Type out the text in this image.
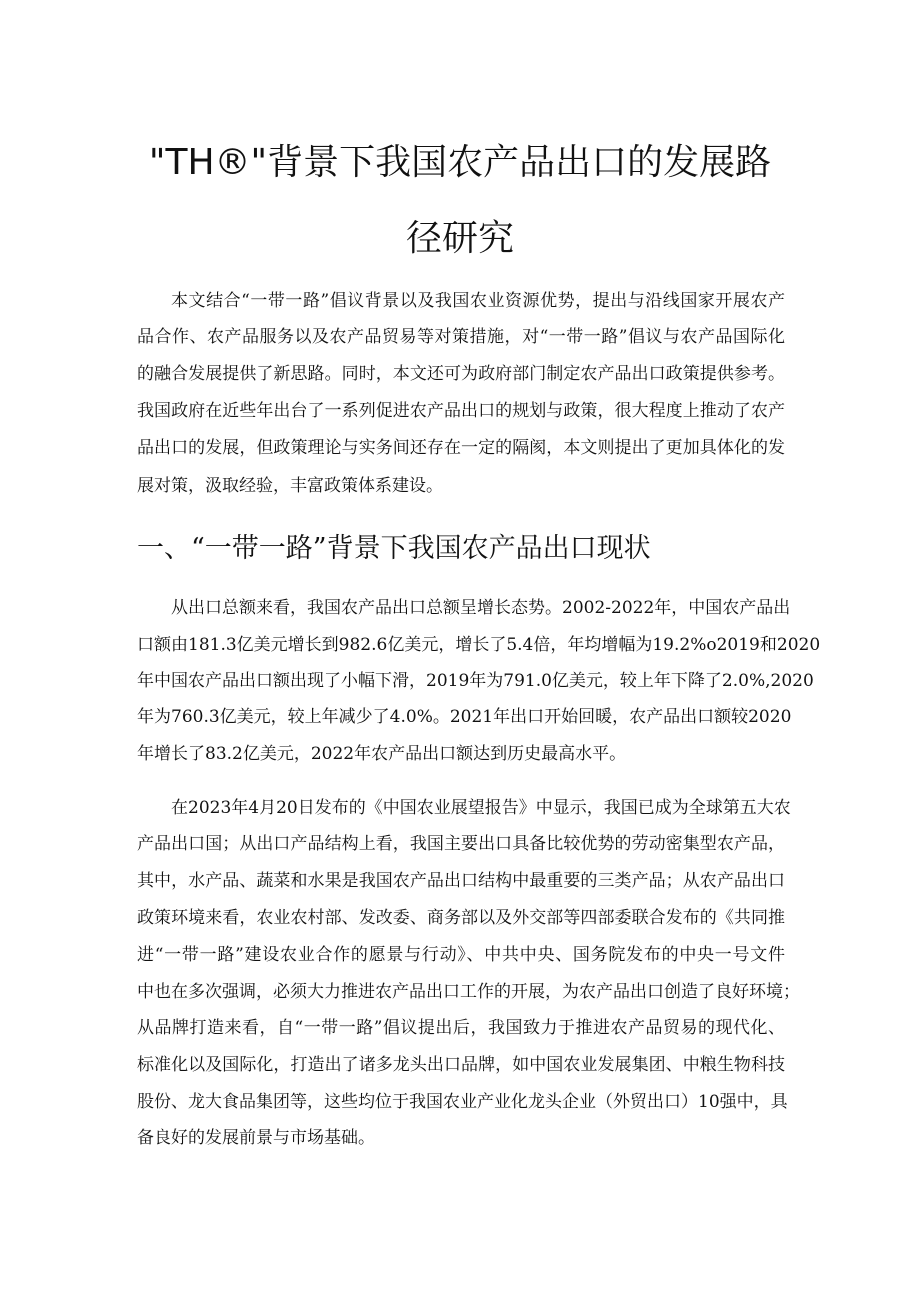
"TH®"背景下我国农产品出口的发展路
径研究

本文结合“一带一路”倡议背景以及我国农业资源优势，提出与沿线国家开展农产

品合作、农产品服务以及农产品贸易等对策措施，对“一带一路”倡议与农产品国际化

的融合发展提供了新思路。同时，本文还可为政府部门制定农产品出口政策提供参考。

我国政府在近些年出台了一系列促进农产品出口的规划与政策，很大程度上推动了农产

品出口的发展，但政策理论与实务间还存在一定的隔阂，本文则提出了更加具体化的发

展对策，汲取经验，丰富政策体系建设。

一、“一带一路”背景下我国农产品出口现状

从出口总额来看，我国农产品出口总额呈增长态势。2002-2022年，中国农产品出

口额由181.3亿美元增长到982.6亿美元，增长了5.4倍，年均增幅为19.2%o2019和2020

年中国农产品出口额出现了小幅下滑，2019年为791.0亿美元，较上年下降了2.0%,2020

年为760.3亿美元，较上年减少了4.0%。2021年出口开始回暖，农产品出口额较2020

年增长了83.2亿美元，2022年农产品出口额达到历史最高水平。

在2023年4月20日发布的《中国农业展望报告》中显示，我国已成为全球第五大农

产品出口国；从出口产品结构上看，我国主要出口具备比较优势的劳动密集型农产品，

其中，水产品、蔬菜和水果是我国农产品出口结构中最重要的三类产品；从农产品出口

政策环境来看，农业农村部、发改委、商务部以及外交部等四部委联合发布的《共同推

进“一带一路”建设农业合作的愿景与行动》、中共中央、国务院发布的中央一号文件

中也在多次强调，必须大力推进农产品出口工作的开展，为农产品出口创造了良好环境；

从品牌打造来看，自“一带一路”倡议提出后，我国致力于推进农产品贸易的现代化、

标准化以及国际化，打造出了诸多龙头出口品牌，如中国农业发展集团、中粮生物科技

股份、龙大食品集团等，这些均位于我国农业产业化龙头企业（外贸出口）10强中，具

备良好的发展前景与市场基础。
